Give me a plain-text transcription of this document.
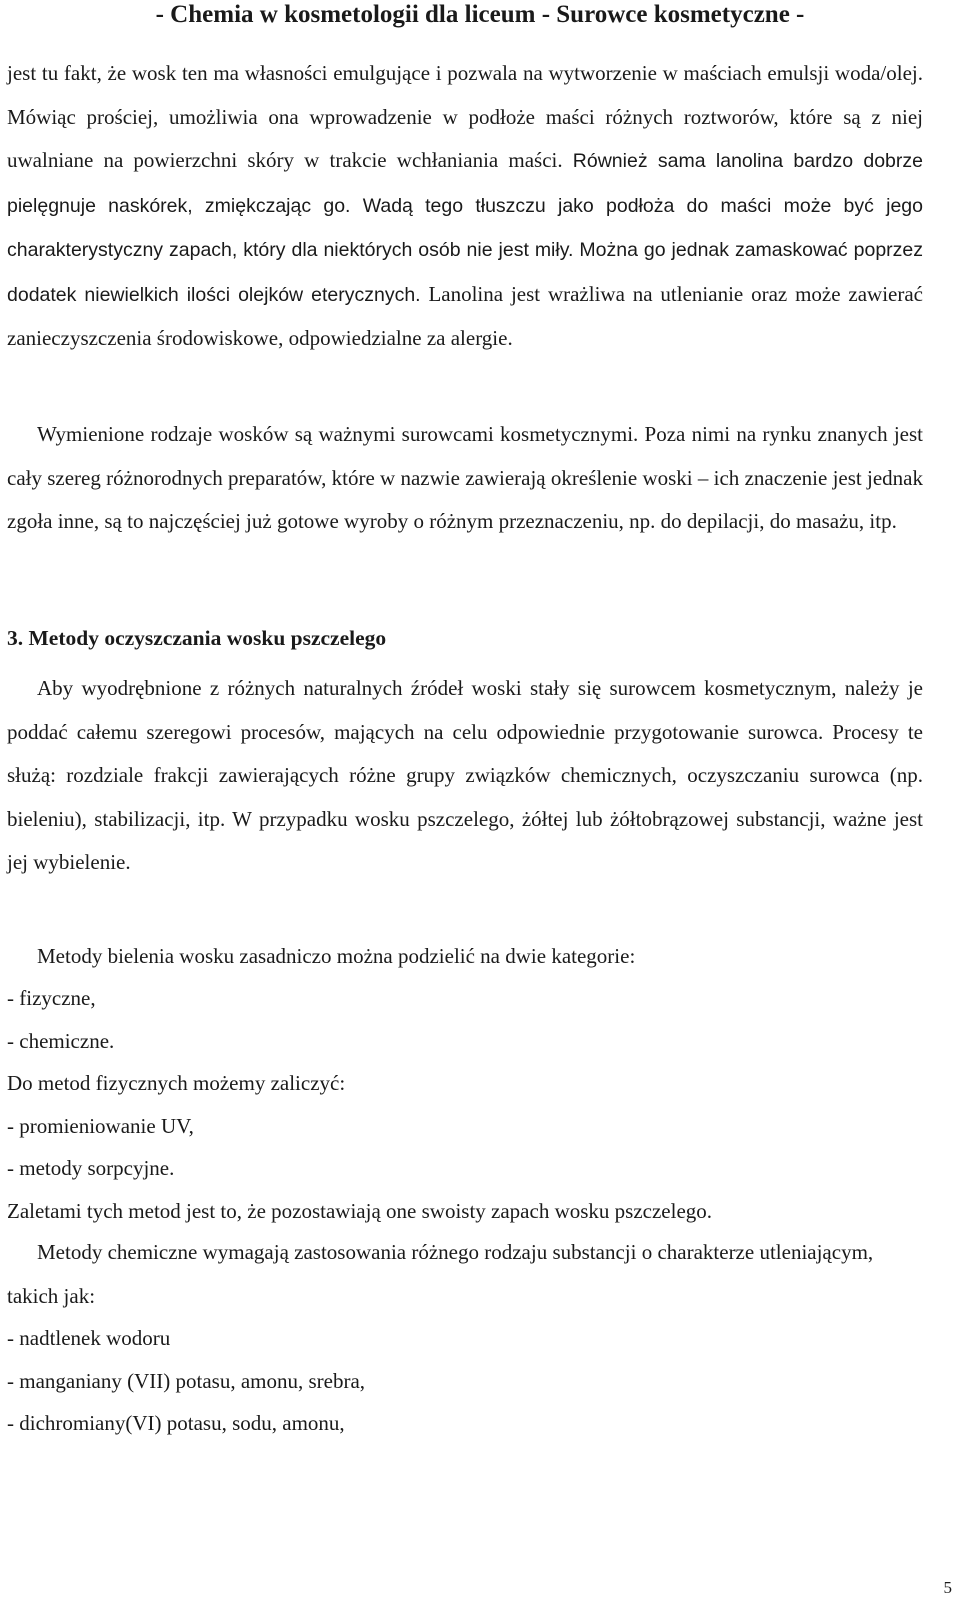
- Chemia w kosmetologii dla liceum - Surowce kosmetyczne -

jest tu fakt, że wosk ten ma własności emulgujące i pozwala na wytworzenie w maściach emulsji woda/olej. Mówiąc prościej, umożliwia ona wprowadzenie w podłoże maści różnych roztworów, które są z niej uwalniane na powierzchni skóry w trakcie wchłaniania maści. Również sama lanolina bardzo dobrze pielęgnuje naskórek, zmiękczając go. Wadą tego tłuszczu jako podłoża do maści może być jego charakterystyczny zapach, który dla niektórych osób nie jest miły. Można go jednak zamaskować poprzez dodatek niewielkich ilości olejków eterycznych. Lanolina jest wrażliwa na utlenianie oraz może zawierać zanieczyszczenia środowiskowe, odpowiedzialne za alergie.

Wymienione rodzaje wosków są ważnymi surowcami kosmetycznymi. Poza nimi na rynku znanych jest cały szereg różnorodnych preparatów, które w nazwie zawierają określenie woski – ich znaczenie jest jednak zgoła inne, są to najczęściej już gotowe wyroby o różnym przeznaczeniu, np. do depilacji, do masażu, itp.

3. Metody oczyszczania wosku pszczelego

Aby wyodrębnione z różnych naturalnych źródeł woski stały się surowcem kosmetycznym, należy je poddać całemu szeregowi procesów, mających na celu odpowiednie przygotowanie surowca. Procesy te służą: rozdziale frakcji zawierających różne grupy związków chemicznych, oczyszczaniu surowca (np. bieleniu), stabilizacji, itp. W przypadku wosku pszczelego, żółtej lub żółtobrązowej substancji, ważne jest jej wybielenie.

Metody bielenia wosku zasadniczo można podzielić na dwie kategorie:
- fizyczne,
- chemiczne.
Do metod fizycznych możemy zaliczyć:
- promieniowanie UV,
- metody sorpcyjne.
Zaletami tych metod jest to, że pozostawiają one swoisty zapach wosku pszczelego.

Metody chemiczne wymagają zastosowania różnego rodzaju substancji o charakterze utleniającym, takich jak:

- nadtlenek wodoru
- manganiany (VII) potasu, amonu, srebra,
- dichromiany(VI) potasu, sodu, amonu,
5
